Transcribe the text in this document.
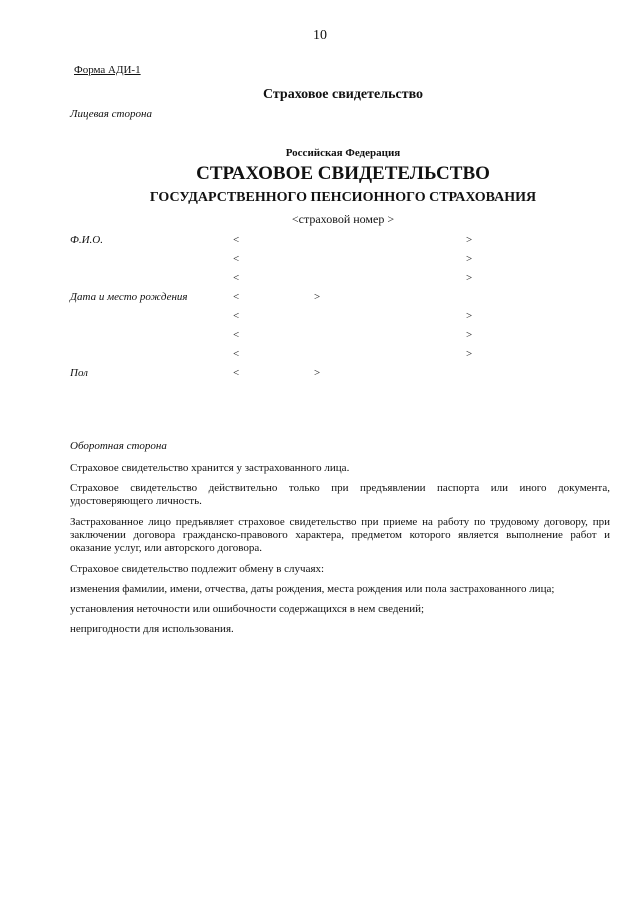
10
Форма АДИ-1
Страховое свидетельство
Лицевая сторона
Российская Федерация
СТРАХОВОЕ СВИДЕТЕЛЬСТВО
ГОСУДАРСТВЕННОГО ПЕНСИОННОГО СТРАХОВАНИЯ
<страховой номер >
Ф.И.О.	<	>
<	>
<	>
Дата и место рождения	<	>
<	>
<	>
<	>
Пол	<	>
Оборотная сторона
Страховое свидетельство хранится у застрахованного лица.
Страховое свидетельство действительно только при предъявлении паспорта или иного документа, удостоверяющего личность.
Застрахованное лицо предъявляет страховое свидетельство при приеме на работу по трудовому договору, при заключении договора гражданско-правового характера, предметом которого является выполнение работ и оказание услуг, или авторского договора.
Страховое свидетельство подлежит обмену в случаях:
изменения фамилии, имени, отчества, даты рождения, места рождения или пола застрахованного лица;
установления неточности или ошибочности содержащихся в нем сведений;
непригодности для использования.
